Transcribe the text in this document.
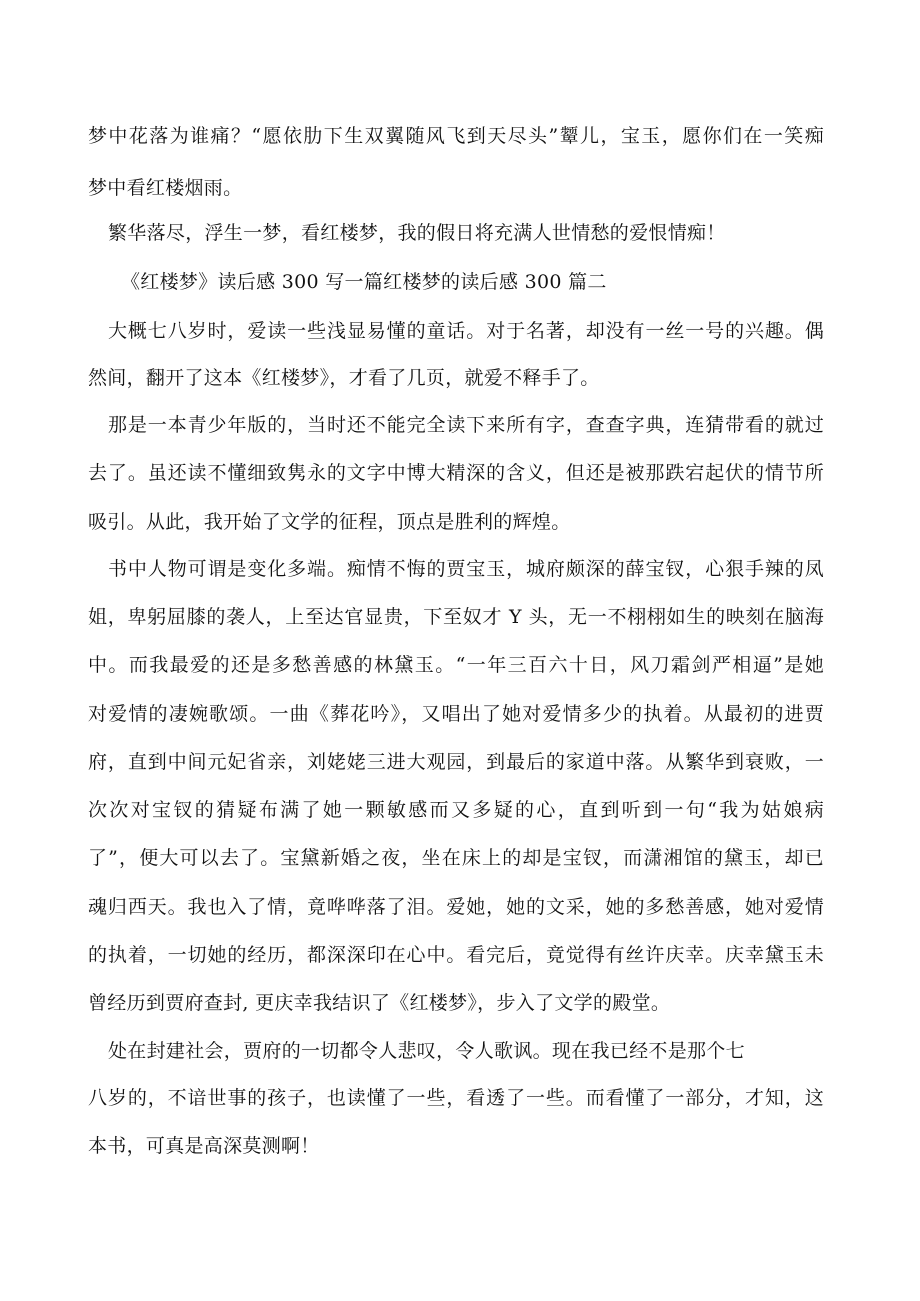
梦中花落为谁痛？“愿依肋下生双翼随风飞到天尽头”颦儿，宝玉，愿你们在一笑痴
梦中看红楼烟雨。
繁华落尽，浮生一梦，看红楼梦，我的假日将充满人世情愁的爱恨情痴！
《红楼梦》读后感 300 写一篇红楼梦的读后感 300 篇二
大概七八岁时，爱读一些浅显易懂的童话。对于名著，却没有一丝一号的兴趣。偶
然间，翻开了这本《红楼梦》，才看了几页，就爱不释手了。
那是一本青少年版的，当时还不能完全读下来所有字，查查字典，连猜带看的就过
去了。虽还读不懂细致隽永的文字中博大精深的含义，但还是被那跌宕起伏的情节所
吸引。从此，我开始了文学的征程，顶点是胜利的辉煌。
书中人物可谓是变化多端。痴情不悔的贾宝玉，城府颇深的薛宝钗，心狠手辣的凤
姐，卑躬屈膝的袭人，上至达官显贵，下至奴才 Y 头，无一不栩栩如生的映刻在脑海
中。而我最爱的还是多愁善感的林黛玉。“一年三百六十日，风刀霜剑严相逼”是她
对爱情的凄婉歌颂。一曲《葬花吟》，又唱出了她对爱情多少的执着。从最初的进贾
府，直到中间元妃省亲，刘姥姥三进大观园，到最后的家道中落。从繁华到衰败，一
次次对宝钗的猜疑布满了她一颗敏感而又多疑的心，直到听到一句“我为姑娘病
了”，便大可以去了。宝黛新婚之夜，坐在床上的却是宝钗，而潇湘馆的黛玉，却已
魂归西天。我也入了情，竟哗哗落了泪。爱她，她的文采，她的多愁善感，她对爱情
的执着，一切她的经历，都深深印在心中。看完后，竟觉得有丝许庆幸。庆幸黛玉未
曾经历到贾府查封, 更庆幸我结识了《红楼梦》，步入了文学的殿堂。
处在封建社会，贾府的一切都令人悲叹，令人歌讽。现在我已经不是那个七
八岁的，不谙世事的孩子，也读懂了一些，看透了一些。而看懂了一部分，才知，这
本书，可真是高深莫测啊！
